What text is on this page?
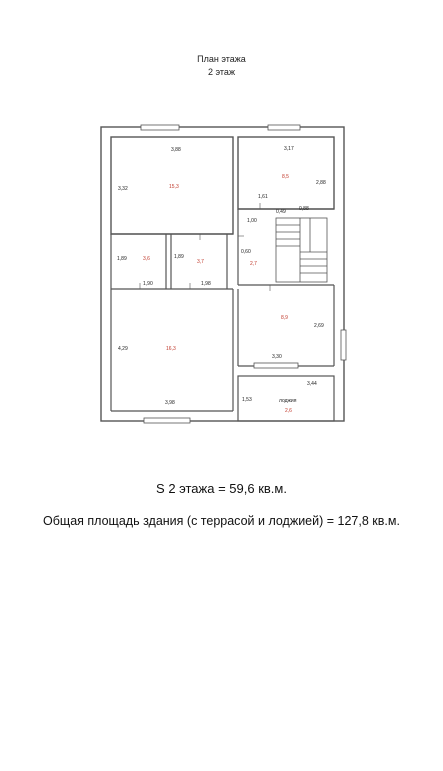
План этажа
2 этаж
3,88
3,32
3,17
2,88
1,61
1,89
1,90
1,89
1,98
1,00
0,60
0,49	0,88
2,69
3,30
4,29
3,98	1,53
3,44
15,3
8,5
3,6	3,7	2,7
8,9
16,3
лоджия
2,6
S 2 этажа = 59,6 кв.м.
Общая площадь здания (с террасой и лоджией) = 127,8 кв.м.
